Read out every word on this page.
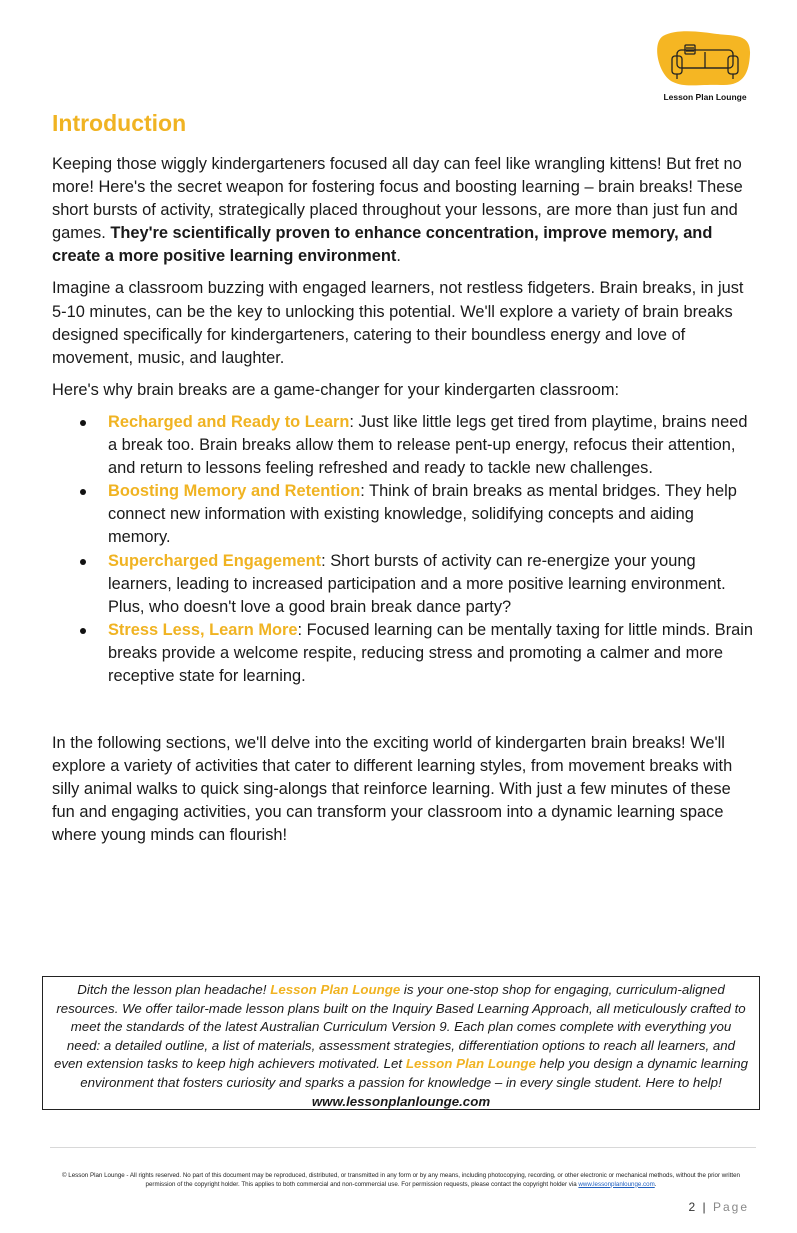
Lesson Plan Lounge
Introduction

Keeping those wiggly kindergarteners focused all day can feel like wrangling kittens! But fret no more! Here's the secret weapon for fostering focus and boosting learning – brain breaks! These short bursts of activity, strategically placed throughout your lessons, are more than just fun and games. They're scientifically proven to enhance concentration, improve memory, and create a more positive learning environment.

Imagine a classroom buzzing with engaged learners, not restless fidgeters. Brain breaks, in just 5-10 minutes, can be the key to unlocking this potential. We'll explore a variety of brain breaks designed specifically for kindergarteners, catering to their boundless energy and love of movement, music, and laughter.

Here's why brain breaks are a game-changer for your kindergarten classroom:

Recharged and Ready to Learn: Just like little legs get tired from playtime, brains need a break too. Brain breaks allow them to release pent-up energy, refocus their attention, and return to lessons feeling refreshed and ready to tackle new challenges.
Boosting Memory and Retention: Think of brain breaks as mental bridges. They help connect new information with existing knowledge, solidifying concepts and aiding memory.
Supercharged Engagement: Short bursts of activity can re-energize your young learners, leading to increased participation and a more positive learning environment. Plus, who doesn't love a good brain break dance party?
Stress Less, Learn More: Focused learning can be mentally taxing for little minds. Brain breaks provide a welcome respite, reducing stress and promoting a calmer and more receptive state for learning.

In the following sections, we'll delve into the exciting world of kindergarten brain breaks! We'll explore a variety of activities that cater to different learning styles, from movement breaks with silly animal walks to quick sing-alongs that reinforce learning. With just a few minutes of these fun and engaging activities, you can transform your classroom into a dynamic learning space where young minds can flourish!

Ditch the lesson plan headache! Lesson Plan Lounge is your one-stop shop for engaging, curriculum-aligned resources. We offer tailor-made lesson plans built on the Inquiry Based Learning Approach, all meticulously crafted to meet the standards of the latest Australian Curriculum Version 9. Each plan comes complete with everything you need: a detailed outline, a list of materials, assessment strategies, differentiation options to reach all learners, and even extension tasks to keep high achievers motivated. Let Lesson Plan Lounge help you design a dynamic learning environment that fosters curiosity and sparks a passion for knowledge – in every single student. Here to help! www.lessonplanlounge.com
© Lesson Plan Lounge - All rights reserved. No part of this document may be reproduced, distributed, or transmitted in any form or by any means, including photocopying, recording, or other electronic or mechanical methods, without the prior written permission of the copyright holder. This applies to both commercial and non-commercial use. For permission requests, please contact the copyright holder via www.lessonplanlounge.com.
2 | Page
